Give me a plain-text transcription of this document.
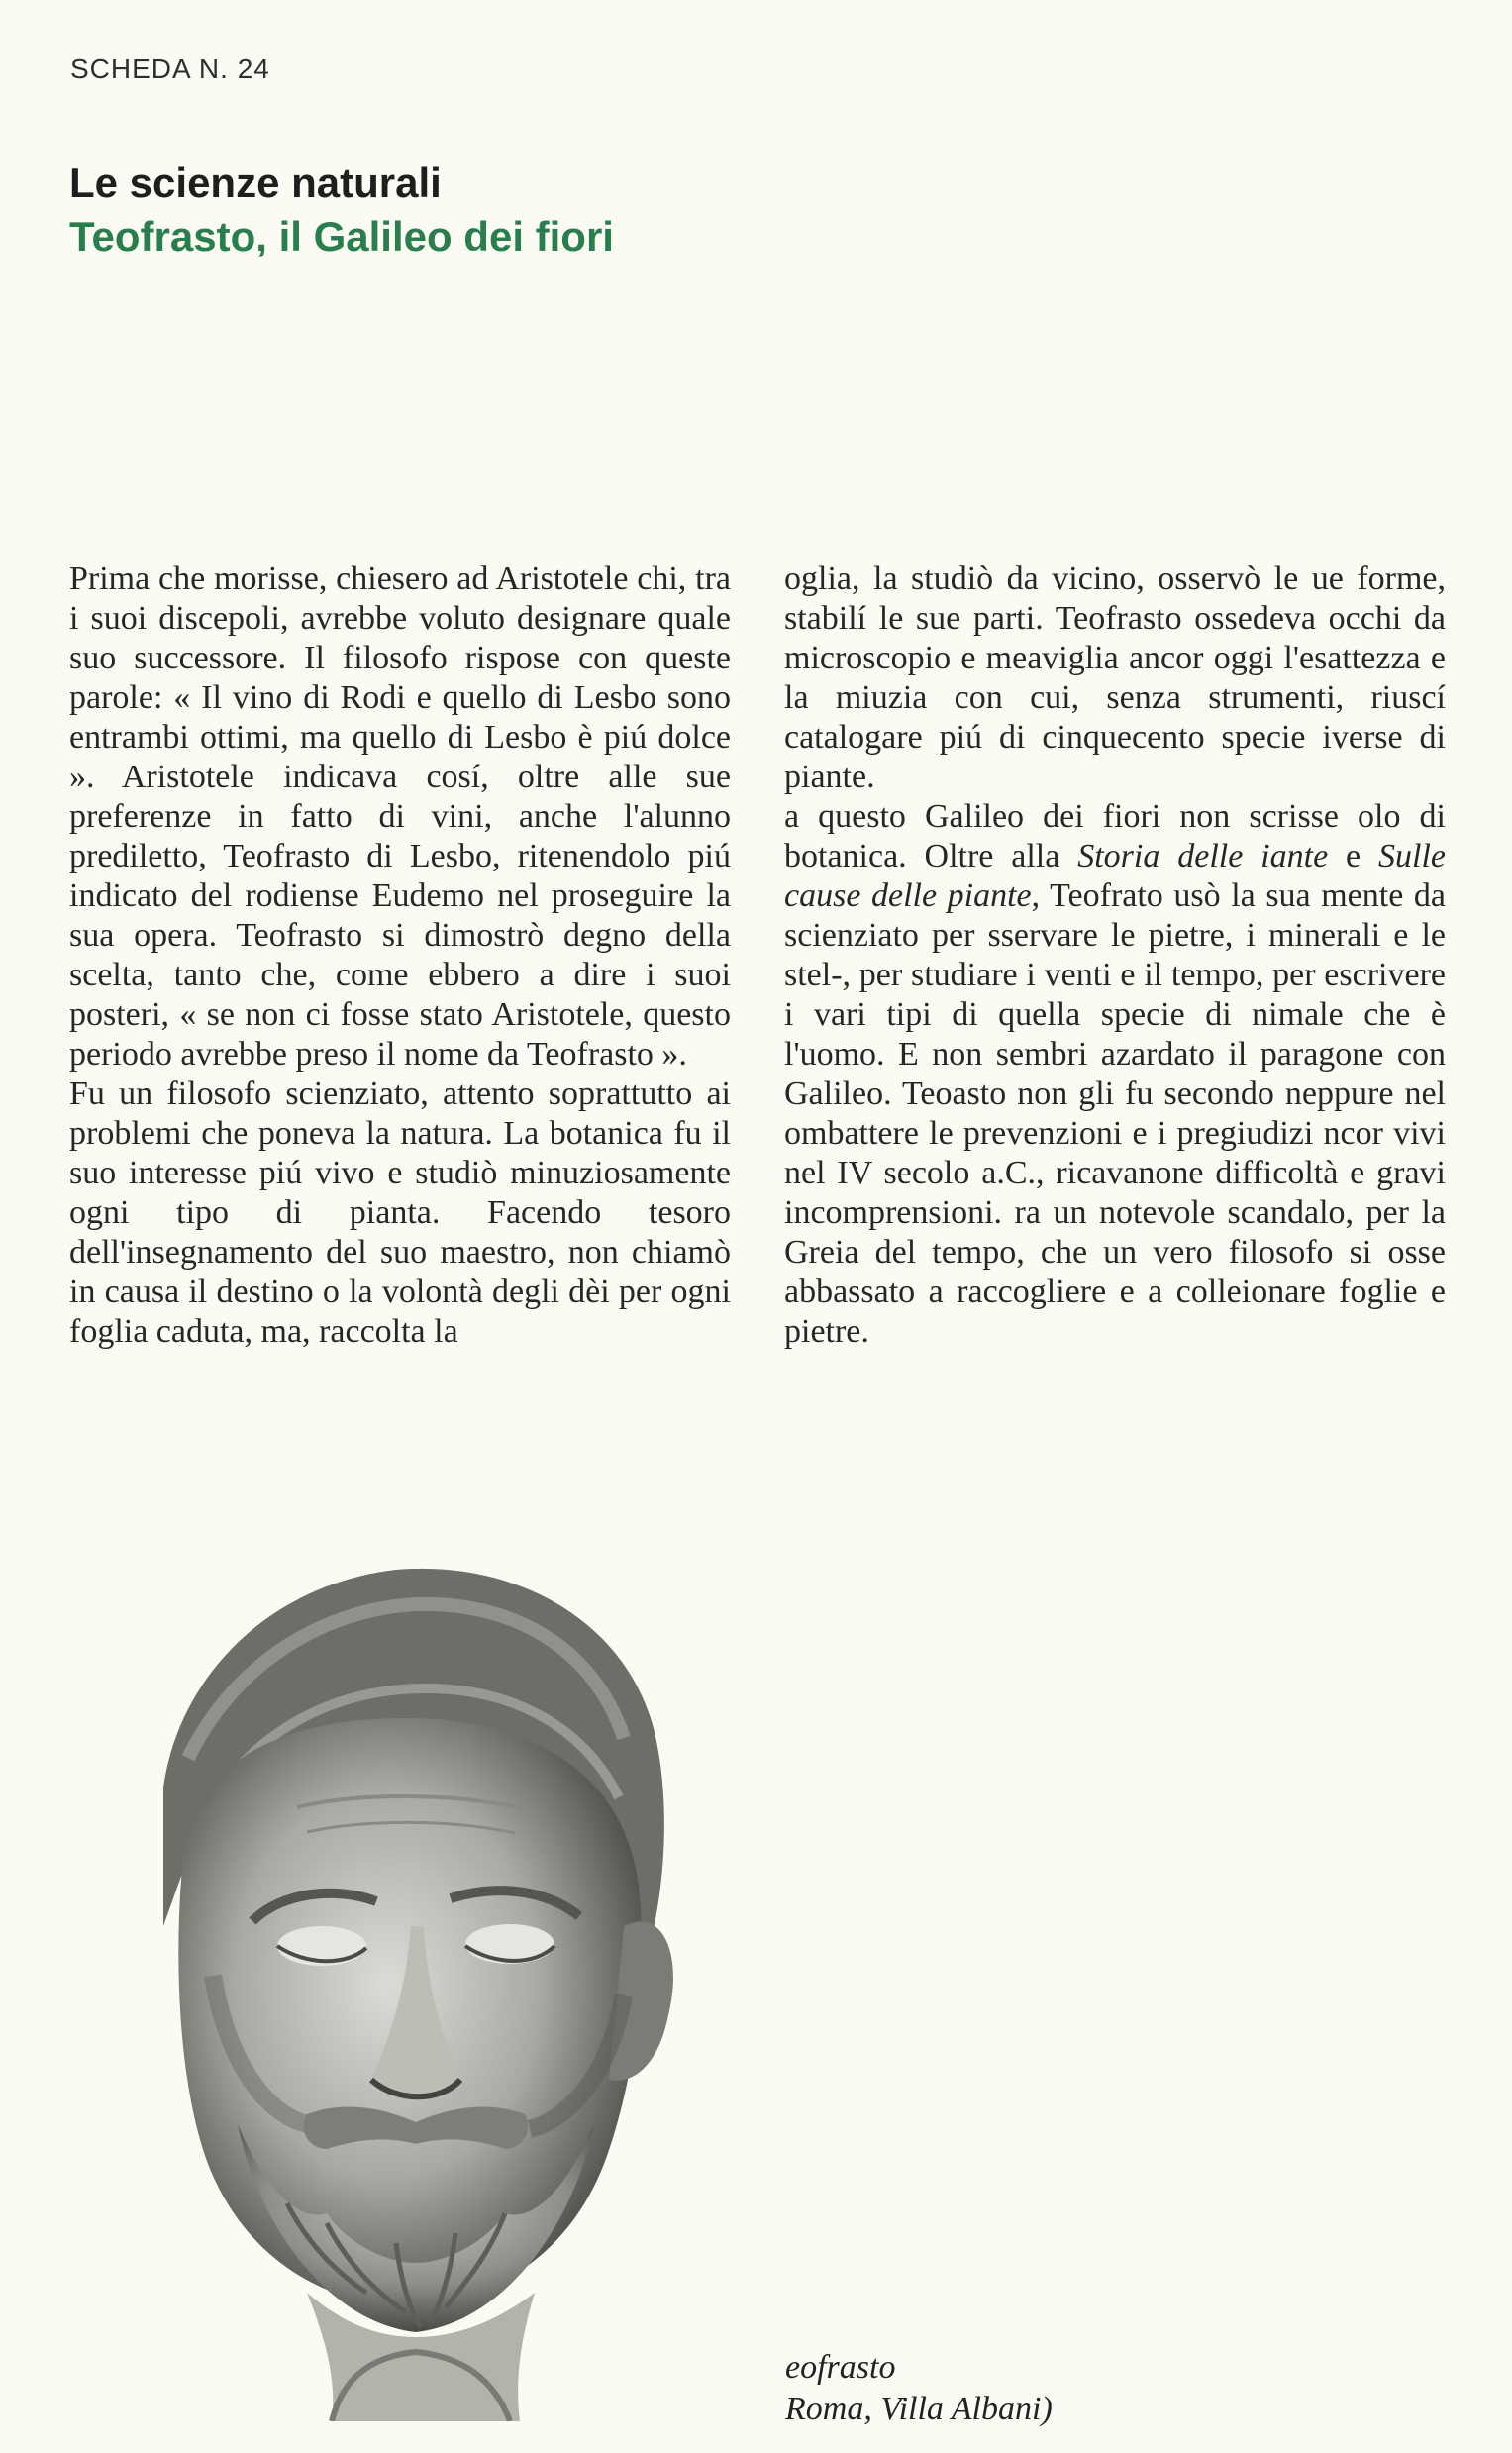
SCHEDA N. 24
Le scienze naturali
Teofrasto, il Galileo dei fiori

Prima che morisse, chiesero ad Aristotele chi, tra i suoi discepoli, avrebbe voluto designare quale suo successore. Il filosofo rispose con queste parole: « Il vino di Rodi e quello di Lesbo sono entrambi ottimi, ma quello di Lesbo è piú dolce ». Aristotele indicava cosí, oltre alle sue preferenze in fatto di vini, anche l'alunno prediletto, Teofrasto di Lesbo, ritenendolo piú indicato del rodiense Eudemo nel proseguire la sua opera. Teofrasto si dimostrò degno della scelta, tanto che, come ebbero a dire i suoi posteri, « se non ci fosse stato Aristotele, questo periodo avrebbe preso il nome da Teofrasto ».

Fu un filosofo scienziato, attento soprattutto ai problemi che poneva la natura. La botanica fu il suo interesse piú vivo e studiò minuziosamente ogni tipo di pianta. Facendo tesoro dell'insegnamento del suo maestro, non chiamò in causa il destino o la volontà degli dèi per ogni foglia caduta, ma, raccolta la

oglia, la studiò da vicino, osservò le ue forme, stabilí le sue parti. Teofrasto ossedeva occhi da microscopio e meaviglia ancor oggi l'esattezza e la miuzia con cui, senza strumenti, riuscí catalogare piú di cinquecento specie iverse di piante.

a questo Galileo dei fiori non scrisse olo di botanica. Oltre alla Storia delle iante e Sulle cause delle piante, Teofrato usò la sua mente da scienziato per sservare le pietre, i minerali e le stel-, per studiare i venti e il tempo, per escrivere i vari tipi di quella specie di nimale che è l'uomo. E non sembri azardato il paragone con Galileo. Teoasto non gli fu secondo neppure nel ombattere le prevenzioni e i pregiudizi ncor vivi nel IV secolo a.C., ricavanone difficoltà e gravi incomprensioni. ra un notevole scandalo, per la Greia del tempo, che un vero filosofo si osse abbassato a raccogliere e a colleionare foglie e pietre.

eofrasto
Roma, Villa Albani)
